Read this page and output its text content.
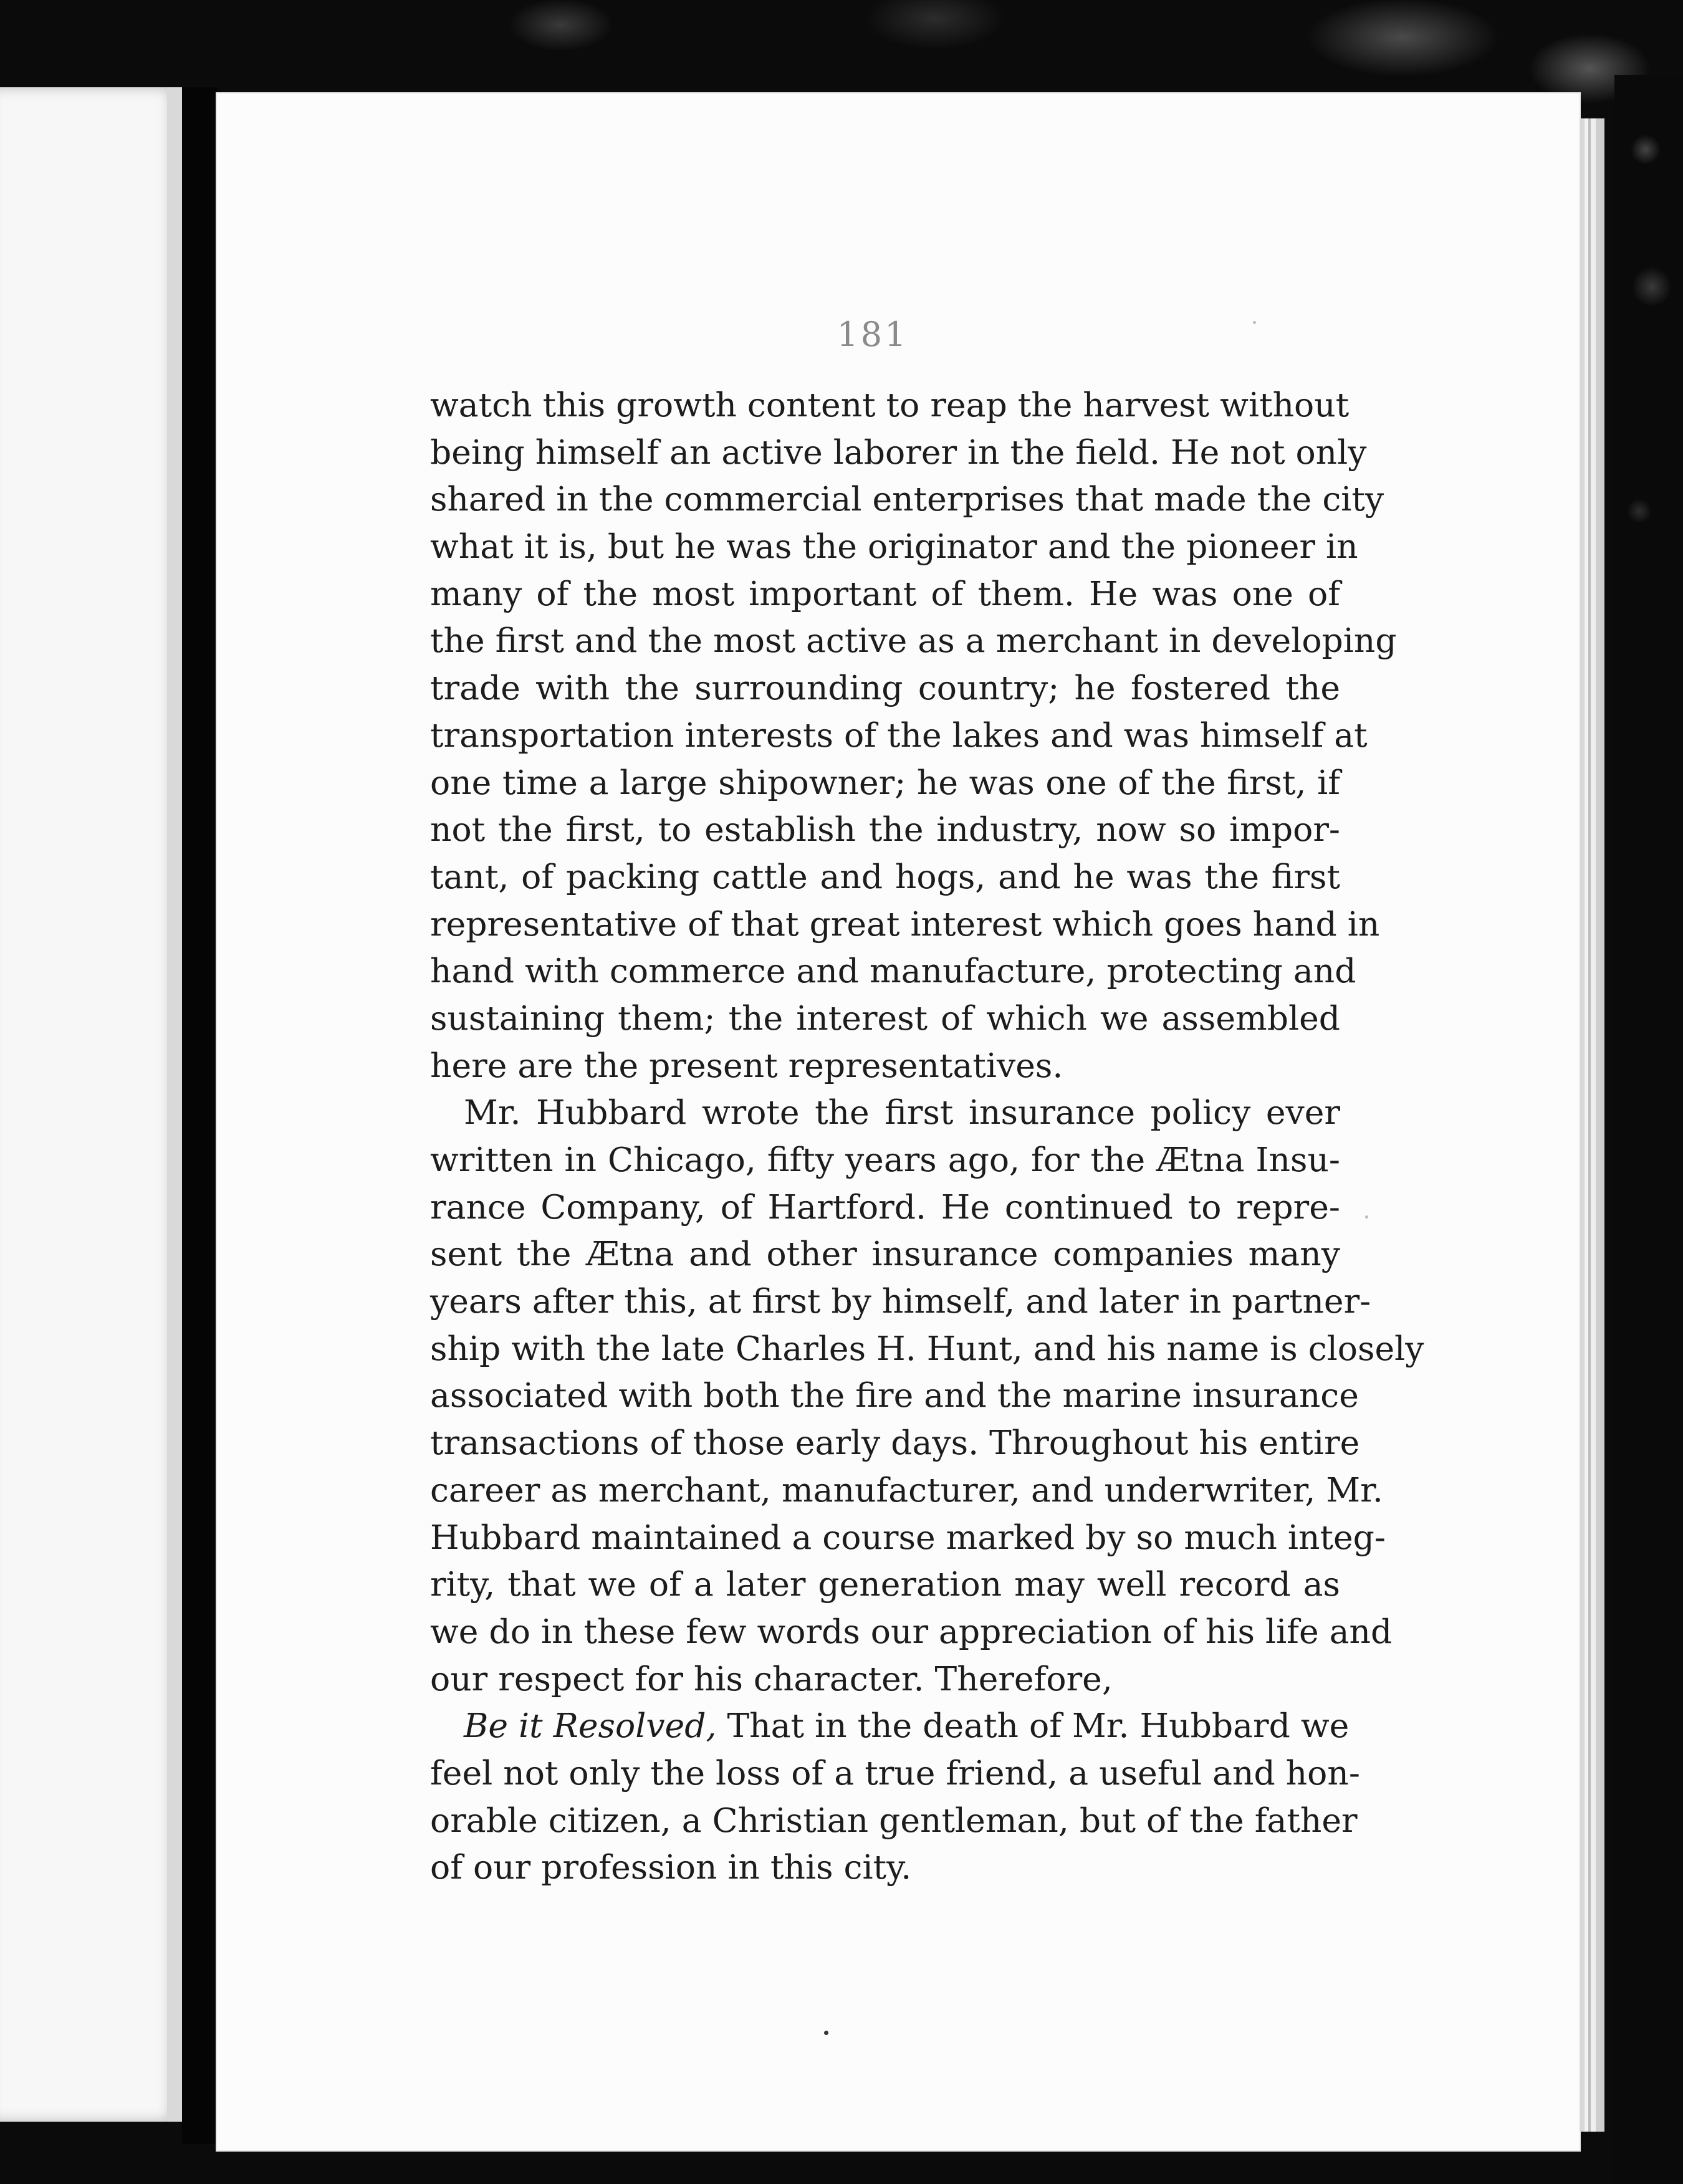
181
watch this growth content to reap the harvest without
being himself an active laborer in the field. He not only
shared in the commercial enterprises that made the city
what it is, but he was the originator and the pioneer in
many of the most important of them. He was one of
the first and the most active as a merchant in developing
trade with the surrounding country; he fostered the
transportation interests of the lakes and was himself at
one time a large shipowner; he was one of the first, if
not the first, to establish the industry, now so impor-
tant, of packing cattle and hogs, and he was the first
representative of that great interest which goes hand in
hand with commerce and manufacture, protecting and
sustaining them; the interest of which we assembled
here are the present representatives.
Mr. Hubbard wrote the first insurance policy ever
written in Chicago, fifty years ago, for the Ætna Insu-
rance Company, of Hartford. He continued to repre-
sent the Ætna and other insurance companies many
years after this, at first by himself, and later in partner-
ship with the late Charles H. Hunt, and his name is closely
associated with both the fire and the marine insurance
transactions of those early days. Throughout his entire
career as merchant, manufacturer, and underwriter, Mr.
Hubbard maintained a course marked by so much integ-
rity, that we of a later generation may well record as
we do in these few words our appreciation of his life and
our respect for his character. Therefore,
Be it Resolved, That in the death of Mr. Hubbard we
feel not only the loss of a true friend, a useful and hon-
orable citizen, a Christian gentleman, but of the father
of our profession in this city.
